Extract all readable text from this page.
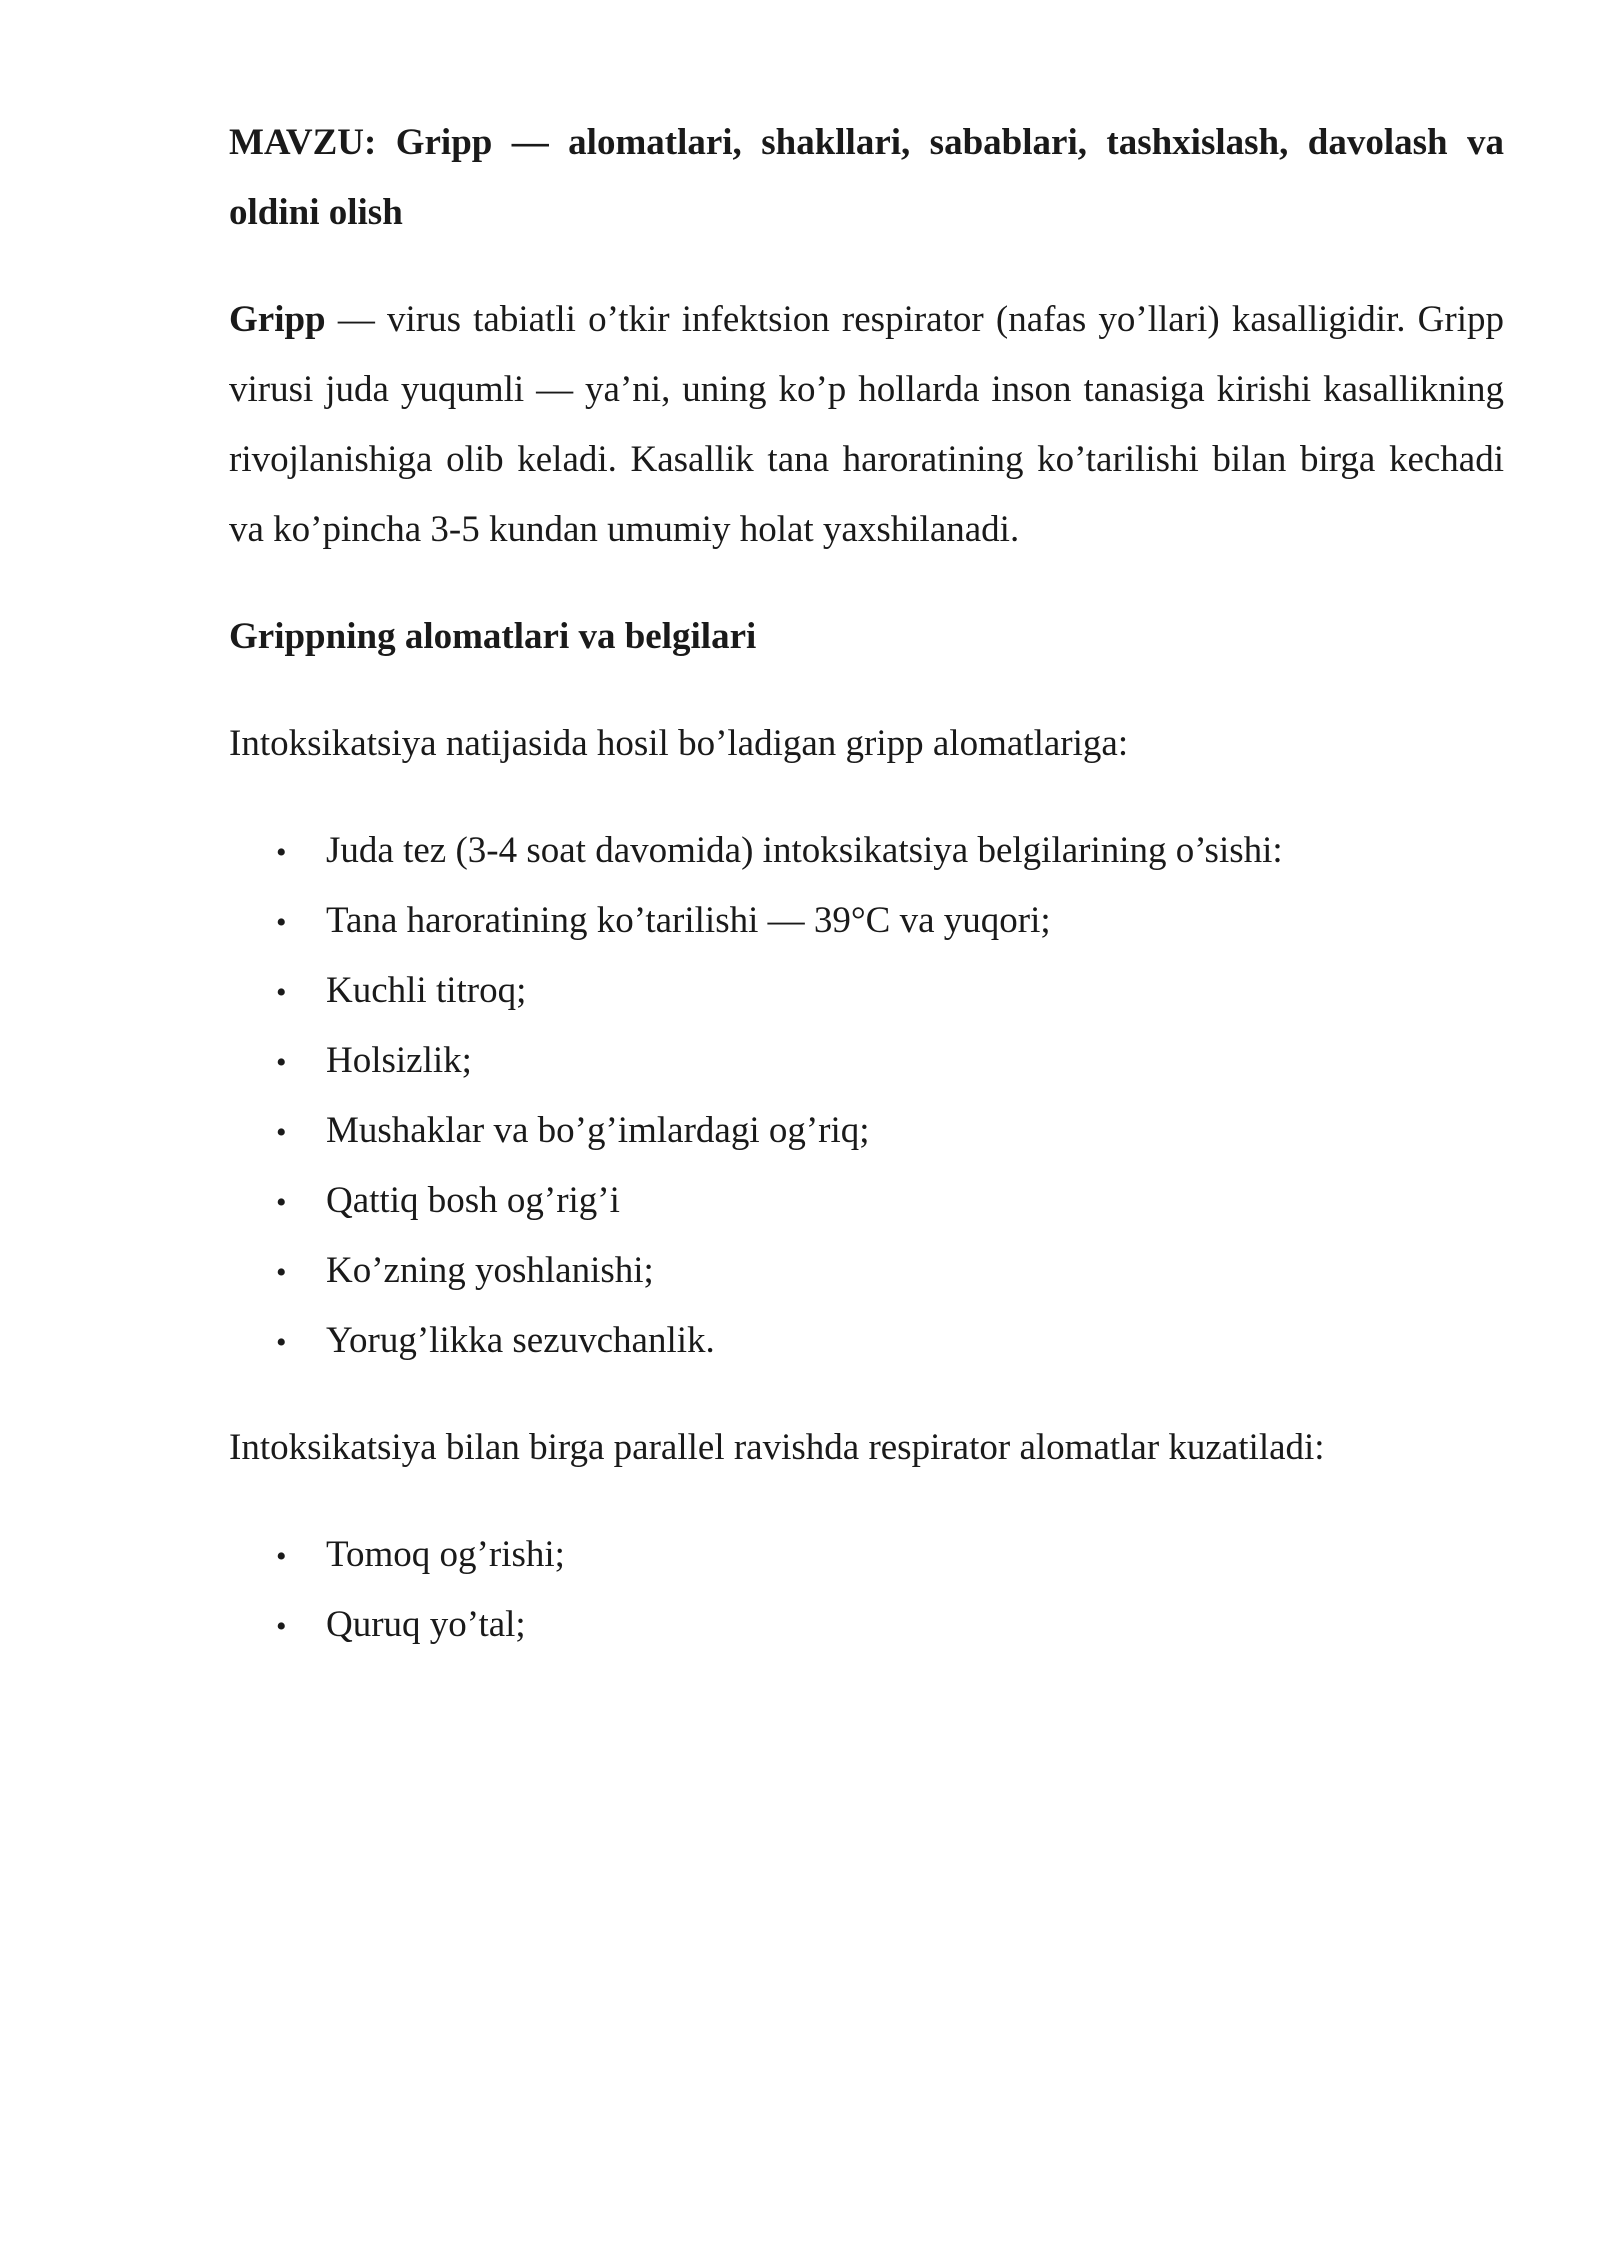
MAVZU: Gripp — alomatlari, shakllari, sabablari, tashxislash, davolash va oldini olish

Gripp — virus tabiatli o’tkir infektsion respirator (nafas yo’llari) kasalligidir. Gripp virusi juda yuqumli — ya’ni, uning ko’p hollarda inson tanasiga kirishi kasallikning rivojlanishiga olib keladi. Kasallik tana haroratining ko’tarilishi bilan birga kechadi va ko’pincha 3-5 kundan umumiy holat yaxshilanadi.

Grippning alomatlari va belgilari

Intoksikatsiya natijasida hosil bo’ladigan gripp alomatlariga:

• Juda tez (3-4 soat davomida) intoksikatsiya belgilarining o’sishi:
• Tana haroratining ko’tarilishi — 39°C va yuqori;
• Kuchli titroq;
• Holsizlik;
• Mushaklar va bo’g’imlardagi og’riq;
• Qattiq bosh og’rig’i
• Ko’zning yoshlanishi;
• Yorug’likka sezuvchanlik.

Intoksikatsiya bilan birga parallel ravishda respirator alomatlar kuzatiladi:

• Tomoq og’rishi;
• Quruq yo’tal;
